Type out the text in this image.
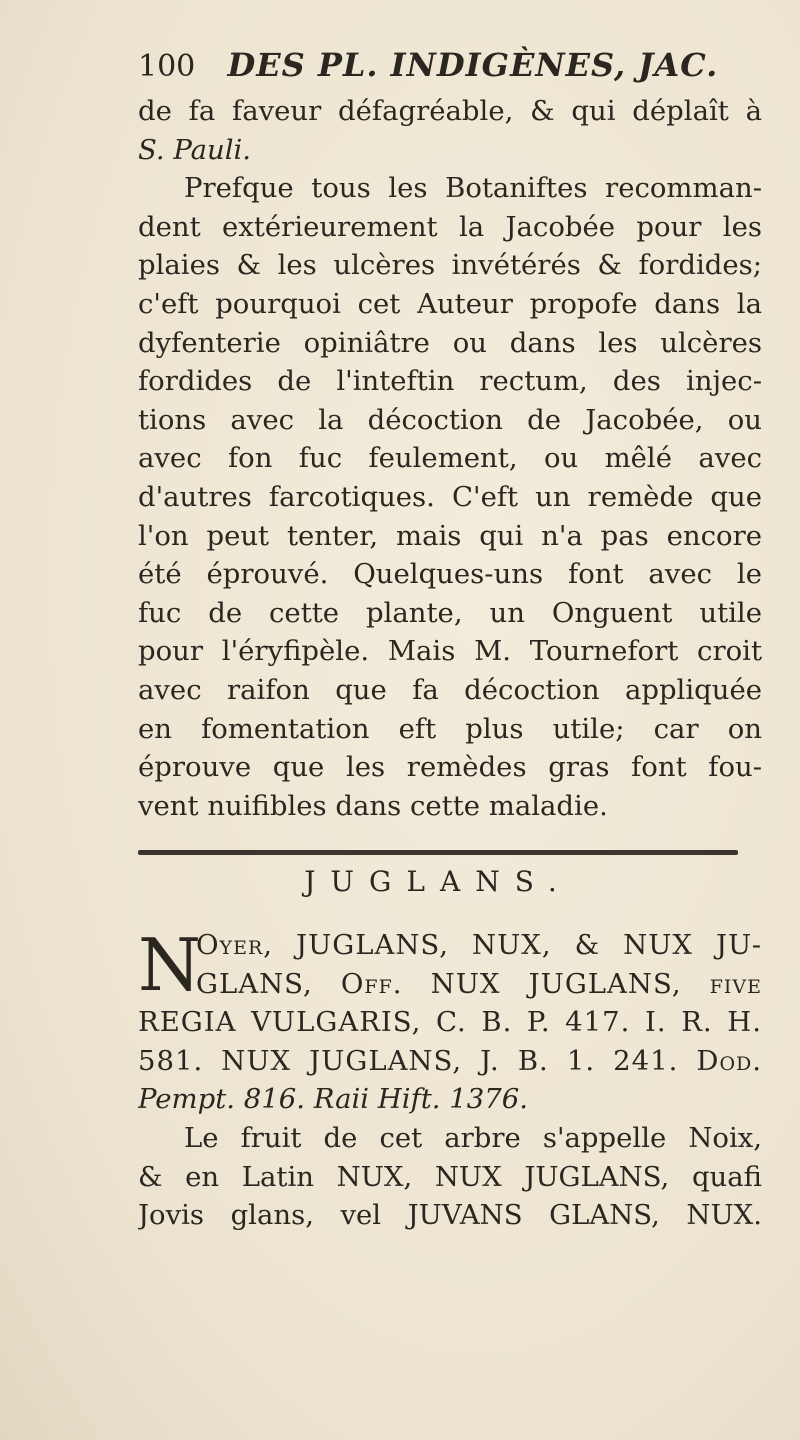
100 DES PL. INDIGÈNES, JAC.
de fa faveur défagréable, & qui déplaît à
S. Pauli.
Prefque tous les Botaniftes recomman-
dent extérieurement la Jacobée pour les
plaies & les ulcères invétérés & fordides;
c'eft pourquoi cet Auteur propofe dans la
dyfenterie opiniâtre ou dans les ulcères
fordides de l'inteftin rectum, des injec-
tions avec la décoction de Jacobée, ou
avec fon fuc feulement, ou mêlé avec
d'autres farcotiques. C'eft un remède que
l'on peut tenter, mais qui n'a pas encore
été éprouvé. Quelques-uns font avec le
fuc de cette plante, un Onguent utile
pour l'éryfipèle. Mais M. Tournefort croit
avec raifon que fa décoction appliquée
en fomentation eft plus utile; car on
éprouve que les remèdes gras font fou-
vent nuifibles dans cette maladie.
JUGLANS.
N
Oyer, JUGLANS, NUX, & NUX JU-
GLANS, Off. NUX JUGLANS, five
REGIA VULGARIS, C. B. P. 417. I. R. H.
581. NUX JUGLANS, J. B. 1. 241. Dod.
Pempt. 816. Raii Hift. 1376.
Le fruit de cet arbre s'appelle Noix,
& en Latin NUX, NUX JUGLANS, quafi
Jovis glans, vel JUVANS GLANS, NUX.
